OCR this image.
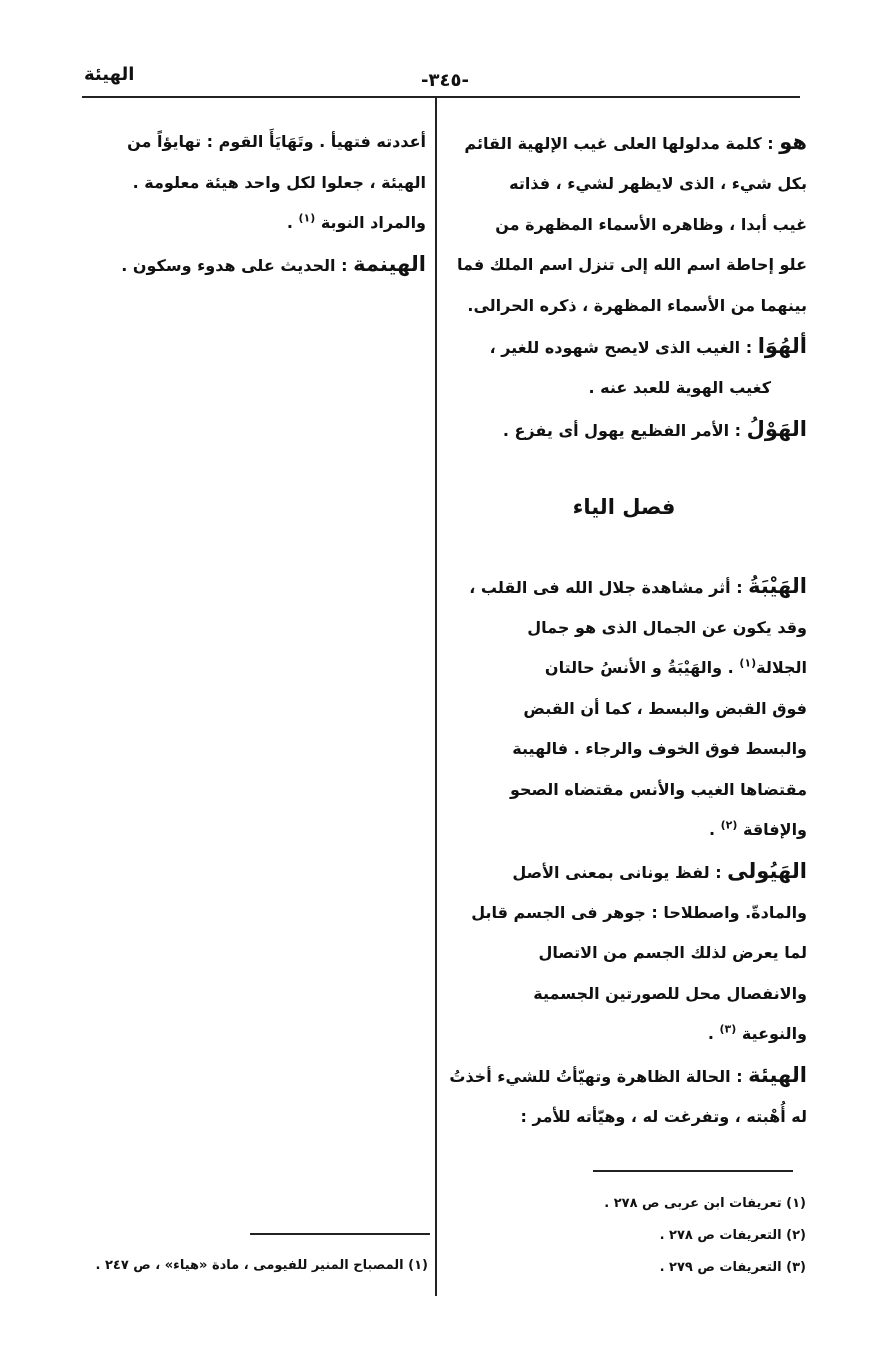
الهيئة	-٣٤٥-

هو : كلمة مدلولها العلى غيب الإلهية القائم
بكل شيء ، الذى لايظهر لشيء ، فذاته
غيب أبدا ، وظاهره الأسماء المظهرة من
علو إحاطة اسم الله إلى تنزل اسم الملك فما
بينهما من الأسماء المظهرة ، ذكره الحرالى.

ألهُوَا : الغيب الذى لايصح شهوده للغير ،
كغيب الهوية للعبد عنه .

الهَوْلُ : الأمر الفظيع يهول أى يفزع .

فصل الياء

الهَيْبَةُ : أثر مشاهدة جلال الله فى القلب ،
وقد يكون عن الجمال الذى هو جمال
الجلالة$^{(١)}$ . والهَيْبَةُ و الأنسُ حالتان
فوق القبض والبسط ، كما أن القبض
والبسط فوق الخوف والرجاء . فالهيبة
مقتضاها الغيب والأنس مقتضاه الصحو
والإفاقة $^{(٢)}$ .

الهَيُولى : لفظ يونانى بمعنى الأصل
والمادةّ. واصطلاحا : جوهر فى الجسم قابل
لما يعرض لذلك الجسم من الاتصال
والانفصال محل للصورتين الجسمية
والنوعية $^{(٣)}$ .

الهيئة : الحالة الظاهرة وتهيّأتُ للشيء أخذتُ
له أُهْبته ، وتفرغت له ، وهيّأته للأمر :

أعددته فتهيأ . وتَهَايَأَ القوم : تهايؤاً من
الهيئة ، جعلوا لكل واحد هيئة معلومة .
والمراد النوبة $^{(١)}$ .

الهينمة : الحديث على هدوء وسكون .

(١) تعريفات ابن عربى ص ٢٧٨ .

(٢) التعريفات ص ٢٧٨ .

(٣) التعريفات ص ٢٧٩ .

(١) المصباح المنير للفيومى ، مادة «هياء» ، ص ٢٤٧ .
